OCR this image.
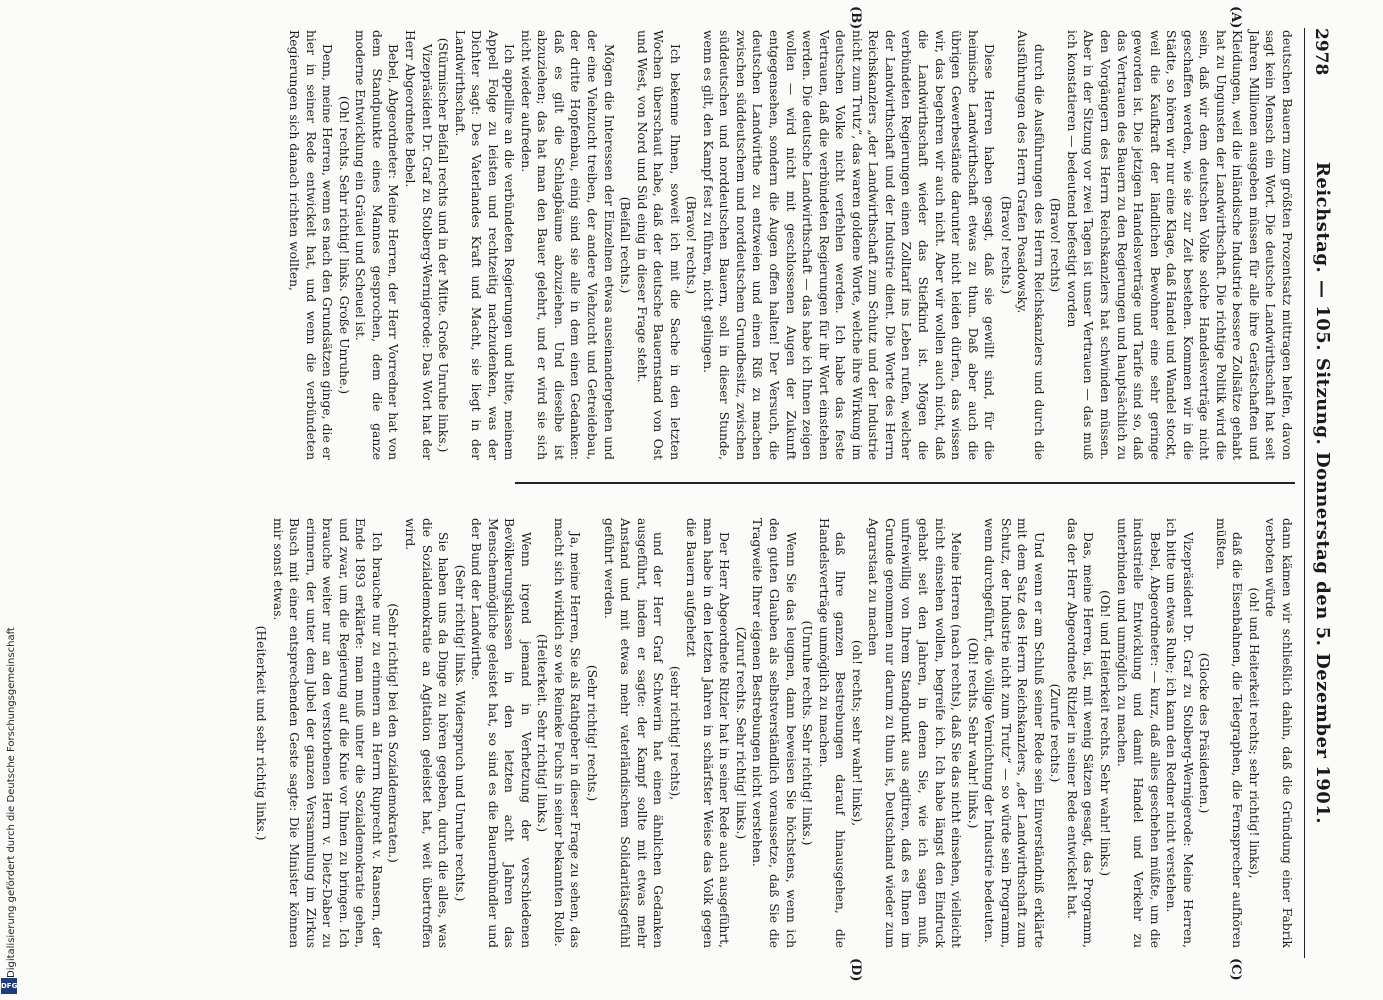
2978
Reichstag. — 105. Sitzung. Donnerstag den 5. Dezember 1901.
(A)
(B)
(C)
(D)

deutschen Bauern zum größten Prozentsatz mittragen helfen, davon sagt kein Mensch ein Wort. Die deutsche Landwirthschaft hat seit Jahren Millionen ausgeben müssen für alle ihre Gerätschaften und Kleidungen, weil die inländische Industrie bessere Zollsätze gehabt hat zu Ungunsten der Landwirthschaft. Die richtige Politik wird die sein, daß wir dem deutschen Volke solche Handelsverträge nicht geschaffen werden, wie sie zur Zeit bestehen. Kommen wir in die Städte, so hören wir nur eine Klage, daß Handel und Wandel stockt, weil die Kaufkraft der ländlichen Bewohner eine sehr geringe geworden ist. Die jetzigen Handelsverträge und Tarife sind so, daß das Vertrauen des Bauern zu den Regierungen und hauptsächlich zu den Vorgängern des Herrn Reichskanzlers hat schwinden müssen. Aber in der Sitzung vor zwei Tagen ist unser Vertrauen — das muß ich konstatieren — bedeutend befestigt worden

(Bravo! rechts)

durch die Ausführungen des Herrn Reichskanzlers und durch die Ausführungen des Herrn Grafen Posadowsky.

(Bravo! rechts.)

Diese Herren haben gesagt, daß sie gewillt sind, für die heimische Landwirthschaft etwas zu thun. Daß aber auch die übrigen Gewerbestände darunter nicht leiden dürfen, das wissen wir, das begehren wir auch nicht. Aber wir wollen auch nicht, daß die Landwirthschaft wieder das Stiefkind ist. Mögen die verbündeten Regierungen einen Zolltarif ins Leben rufen, welcher der Landwirthschaft und der Industrie dient. Die Worte des Herrn Reichskanzlers „der Landwirthschaft zum Schutz und der Industrie nicht zum Trutz“, das waren goldene Worte, welche ihre Wirkung im deutschen Volke nicht verfehlen werden. Ich habe das feste Vertrauen, daß die verbündeten Regierungen für ihr Wort einstehen werden. Die deutsche Landwirthschaft — das habe ich Ihnen zeigen wollen — wird nicht mit geschlossenen Augen der Zukunft entgegensehen, sondern die Augen offen halten! Der Versuch, die deutschen Landwirthe zu entzweien und einen Riß zu machen zwischen süddeutschem und norddeutschem Grundbesitz, zwischen süddeutschen und norddeutschen Bauern, soll in dieser Stunde, wenn es gilt, den Kampf fest zu führen, nicht gelingen.

(Bravo! rechts.)

Ich bekenne Ihnen, soweit ich mit die Sache in den letzten Wochen überschaut habe, daß der deutsche Bauernstand von Ost und West, von Nord und Süd einig in dieser Frage steht.

(Beifall rechts.)

Mögen die Interessen der Einzelnen etwas auseinandergehen und der eine Viehzucht treiben, der andere Viehzucht und Getreidebau, der dritte Hopfenbau, einig sind sie alle in dem einen Gedanken: daß es gilt die Schlagbäume abzuziehen. Und dieselbe ist abzuziehen; das hat man den Bauer gelehrt, und er wird sie sich nicht wieder aufreden.

Ich appellire an die verbündeten Regierungen und bitte, meinem Appell Folge zu leisten und rechtzeitig nachzudenken, was der Dichter sagt: Des Vaterlandes Kraft und Macht, sie liegt in der Landwirthschaft.

(Stürmischer Beifall rechts und in der Mitte. Große Unruhe links.)

Vizepräsident Dr. Graf zu Stolberg-Wernigerode: Das Wort hat der Herr Abgeordnete Bebel.

Bebel, Abgeordneter: Meine Herren, der Herr Vorredner hat von dem Standpunkte eines Mannes gesprochen, dem die ganze moderne Entwicklung ein Gräuel und Scheuel ist.

(Oh! rechts. Sehr richtig! links. Große Unruhe.)

Denn, meine Herren, wenn es nach den Grundsätzen ginge, die er hier in seiner Rede entwickelt hat, und wenn die verbündeten Regierungen sich danach richten wollten,

dann kämen wir schließlich dahin, daß die Gründung einer Fabrik verboten würde

(oh! und Heiterkeit rechts; sehr richtig! links),

daß die Eisenbahnen, die Telegraphen, die Fernsprecher aufhören müßten.

(Glocke des Präsidenten.)

Vizepräsident Dr. Graf zu Stolberg-Wernigerode: Meine Herren, ich bitte um etwas Ruhe; ich kann den Redner nicht verstehen.

Bebel, Abgeordneter: — kurz, daß alles geschehen müßte, um die industrielle Entwicklung und damit Handel und Verkehr zu unterbinden und unmöglich zu machen.

(Oh! und Heiterkeit rechts. Sehr wahr! links.)

Das, meine Herren, ist, mit wenig Sätzen gesagt, das Programm, das der Herr Abgeordnete Ritzler in seiner Rede entwickelt hat.

(Zurufe rechts.)

Und wenn er am Schluß seiner Rede sein Einverständniß erklärte mit dem Satz des Herrn Reichskanzlers, „der Landwirthschaft zum Schutz, der Industrie nicht zum Trutz“ — so würde sein Programm, wenn durchgeführt, die völlige Vernichtung der Industrie bedeuten.

(Oh! rechts. Sehr wahr! links.)

Meine Herren (nach rechts), daß Sie das nicht einsehen, vielleicht nicht einsehen wollen, begreife ich. Ich habe längst den Eindruck gehabt seit den Jahren, in denen Sie, wie ich sagen muß, unfreiwillig von Ihrem Standpunkt aus agitiren, daß es Ihnen im Grunde genommen nur darum zu thun ist, Deutschland wieder zum Agrarstaat zu machen

(oh! rechts; sehr wahr! links),

daß Ihre ganzen Bestrebungen darauf hinausgehen, die Handelsverträge unmöglich zu machen.

(Unruhe rechts. Sehr richtig! links.)

Wenn Sie das leugnen, dann beweisen Sie höchstens, wenn ich den guten Glauben als selbstverständlich voraussetze, daß Sie die Tragweite Ihrer eigenen Bestrebungen nicht verstehen.

(Zuruf rechts. Sehr richtig! links.)

Der Herr Abgeordnete Ritzler hat in seiner Rede auch ausgeführt, man habe in den letzten Jahren in schärfster Weise das Volk gegen die Bauern aufgehetzt

(sehr richtig! rechts),

und der Herr Graf Schwerin hat einen ähnlichen Gedanken ausgeführt, indem er sagte: der Kampf sollte mit etwas mehr Anstand und mit etwas mehr vaterländischem Solidaritätsgefühl geführt werden.

(Sehr richtig! rechts.)

Ja, meine Herren, Sie als Rathgeber in dieser Frage zu sehen, das macht sich wirklich so wie Reineke Fuchs in seiner bekannten Rolle.

(Heiterkeit. Sehr richtig! links.)

Wenn irgend jemand in Verhetzung der verschiedenen Bevölkerungsklassen in den letzten acht Jahren das Menschenmögliche geleistet hat, so sind es die Bauernbündler und der Bund der Landwirthe.

(Sehr richtig! links. Widerspruch und Unruhe rechts.)

Sie haben uns da Dinge zu hören gegeben, durch die alles, was die Sozialdemokratie an Agitation geleistet hat, weit übertroffen wird.

(Sehr richtig! bei den Sozialdemokraten.)

Ich brauche nur zu erinnern an Herrn Ruprecht v. Ransern, der Ende 1893 erklärte: man muß unter die Sozialdemokratie gehen, und zwar, um die Regierung auf die Knie vor Ihnen zu bringen. Ich brauche weiter nur an den verstorbenen Herrn v. Dietz-Daber zu erinnern, der unter dem Jubel der ganzen Versammlung im Zirkus Busch mit einer entsprechenden Geste sagte: Die Minister können mir sonst etwas.

(Heiterkeit und sehr richtig links.)

Digitalisierung gefördert durch die Deutsche Forschungsgemeinschaft
DFG
